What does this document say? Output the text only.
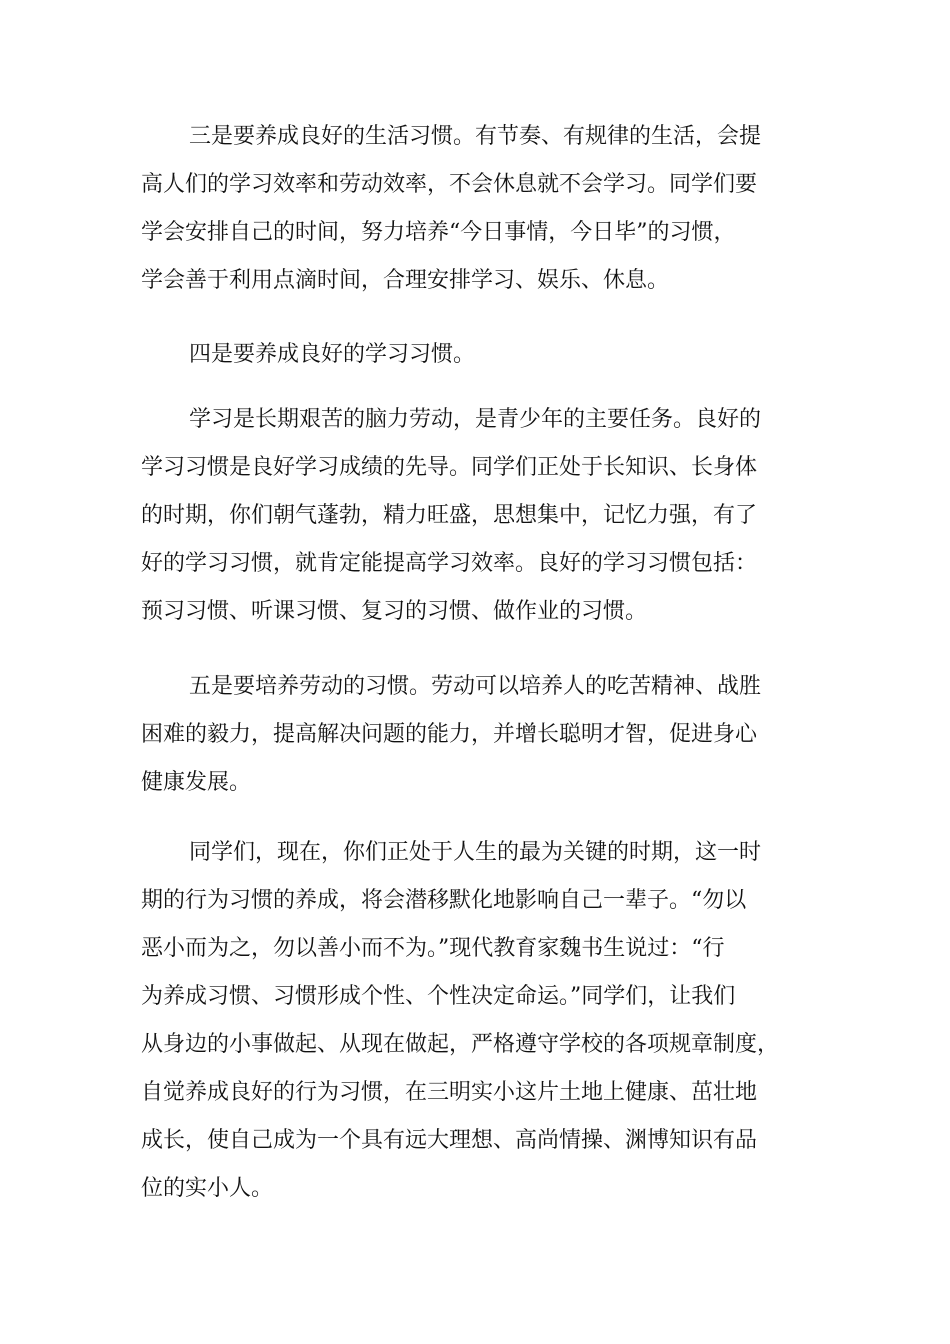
三是要养成良好的生活习惯。有节奏、有规律的生活，会提
高人们的学习效率和劳动效率，不会休息就不会学习。同学们要
学会安排自己的时间，努力培养“今日事情，今日毕”的习惯，
学会善于利用点滴时间，合理安排学习、娱乐、休息。
四是要养成良好的学习习惯。
学习是长期艰苦的脑力劳动，是青少年的主要任务。良好的
学习习惯是良好学习成绩的先导。同学们正处于长知识、长身体
的时期，你们朝气蓬勃，精力旺盛，思想集中，记忆力强，有了
好的学习习惯，就肯定能提高学习效率。良好的学习习惯包括：
预习习惯、听课习惯、复习的习惯、做作业的习惯。
五是要培养劳动的习惯。劳动可以培养人的吃苦精神、战胜
困难的毅力，提高解决问题的能力，并增长聪明才智，促进身心
健康发展。
同学们，现在，你们正处于人生的最为关键的时期，这一时
期的行为习惯的养成，将会潜移默化地影响自己一辈子。“勿以
恶小而为之，勿以善小而不为。”现代教育家魏书生说过：“行
为养成习惯、习惯形成个性、个性决定命运。”同学们，让我们
从身边的小事做起、从现在做起，严格遵守学校的各项规章制度，
自觉养成良好的行为习惯，在三明实小这片土地上健康、茁壮地
成长，使自己成为一个具有远大理想、高尚情操、渊博知识有品
位的实小人。
